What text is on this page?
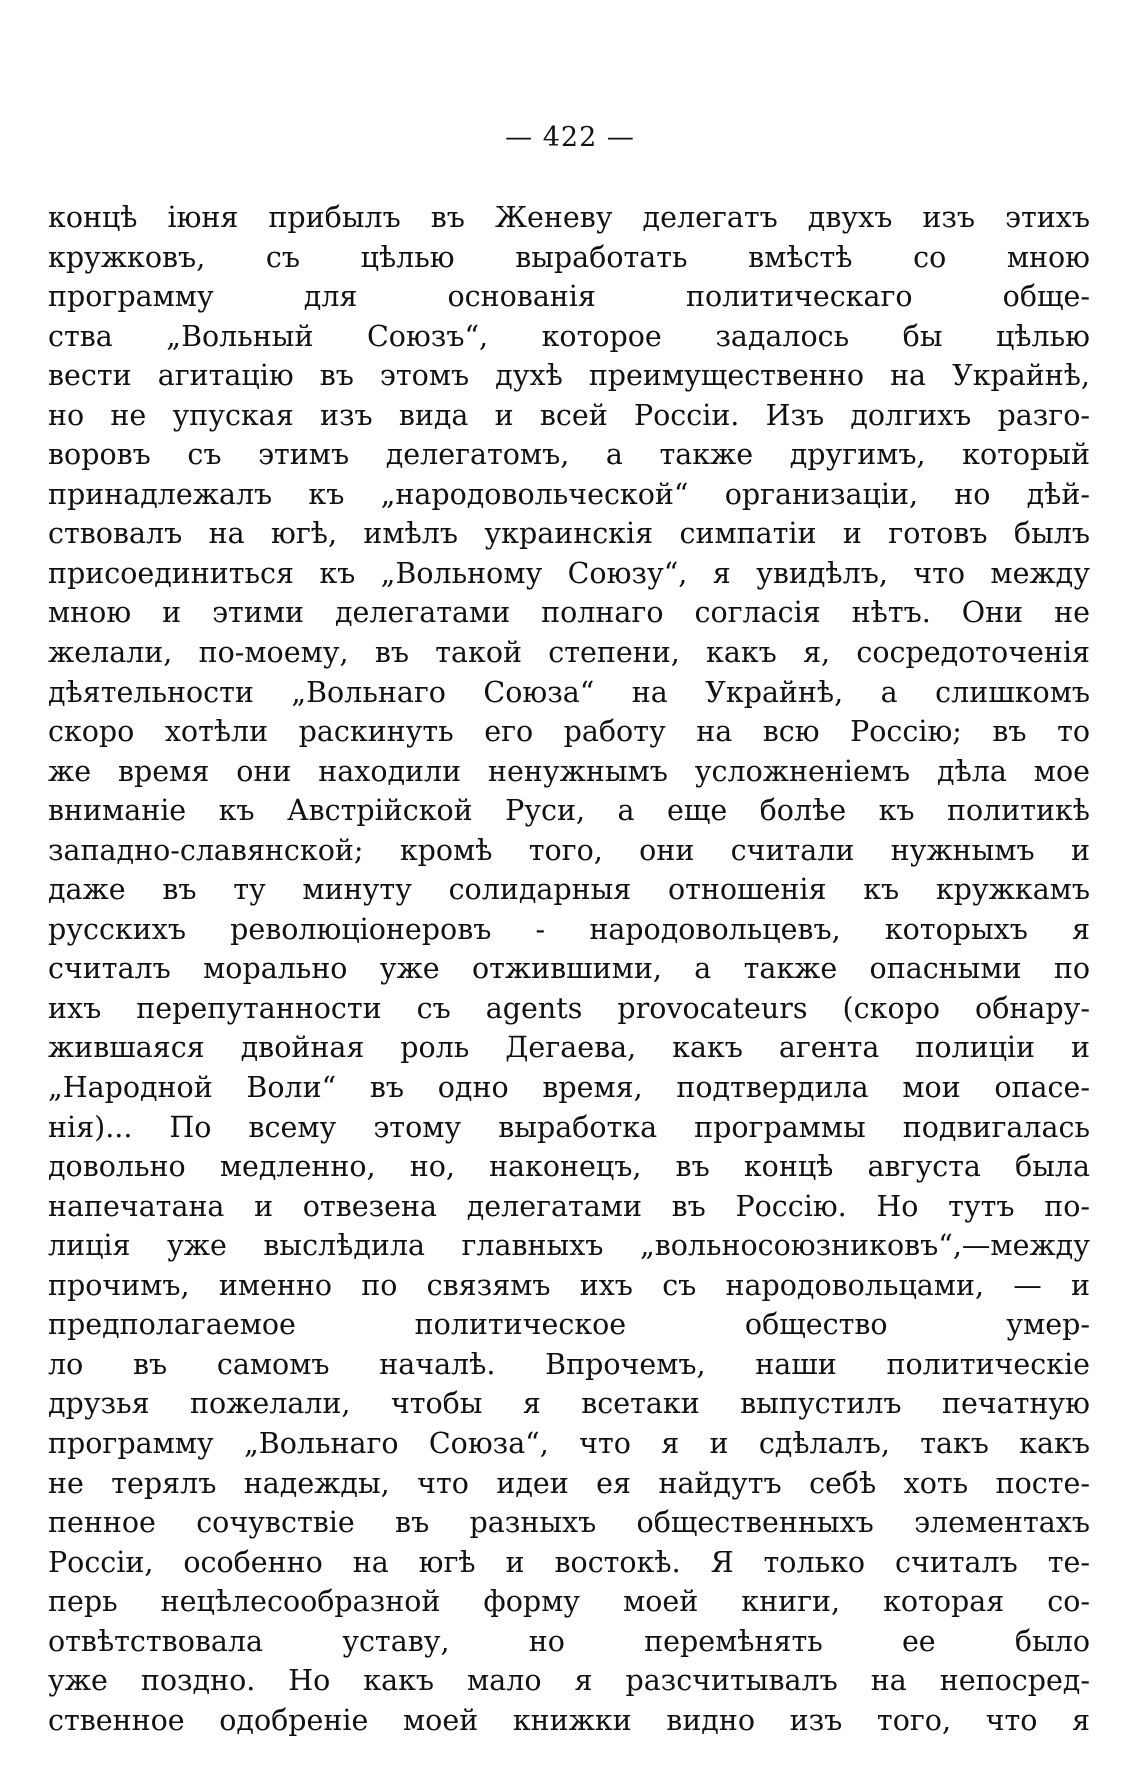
— 422 —
концѣ іюня прибылъ въ Женеву делегатъ двухъ изъ этихъ
кружковъ, съ цѣлью выработать вмѣстѣ со мною
программу для основанія политическаго обще-
ства „Вольный Союзъ“, которое задалось бы цѣлью
вести агитацію въ этомъ духѣ преимущественно на Украйнѣ,
но не упуская изъ вида и всей Россіи. Изъ долгихъ разго-
воровъ съ этимъ делегатомъ, а также другимъ, который
принадлежалъ къ „народовольческой“ организаціи, но дѣй-
ствовалъ на югѣ, имѣлъ украинскія симпатіи и готовъ былъ
присоединиться къ „Вольному Союзу“, я увидѣлъ, что между
мною и этими делегатами полнаго согласія нѣтъ. Они не
желали, по-моему, въ такой степени, какъ я, сосредоточенія
дѣятельности „Вольнаго Союза“ на Украйнѣ, а слишкомъ
скоро хотѣли раскинуть его работу на всю Россію; въ то
же время они находили ненужнымъ усложненіемъ дѣла мое
вниманіе къ Австрійской Руси, а еще болѣе къ политикѣ
западно-славянской; кромѣ того, они считали нужнымъ и
даже въ ту минуту солидарныя отношенія къ кружкамъ
русскихъ революціонеровъ - народовольцевъ, которыхъ я
считалъ морально уже отжившими, а также опасными по
ихъ перепутанности съ agents provocateurs (скоро обнару-
жившаяся двойная роль Дегаева, какъ агента полиціи и
„Народной Воли“ въ одно время, подтвердила мои опасе-
нія)... По всему этому выработка программы подвигалась
довольно медленно, но, наконецъ, въ концѣ августа была
напечатана и отвезена делегатами въ Россію. Но тутъ по-
лиція уже выслѣдила главныхъ „вольносоюзниковъ“,—между
прочимъ, именно по связямъ ихъ съ народовольцами, — и
предполагаемое политическое общество умер-
ло въ самомъ началѣ. Впрочемъ, наши политическіе
друзья пожелали, чтобы я всетаки выпустилъ печатную
программу „Вольнаго Союза“, что я и сдѣлалъ, такъ какъ
не терялъ надежды, что идеи ея найдутъ себѣ хоть посте-
пенное сочувствіе въ разныхъ общественныхъ элементахъ
Россіи, особенно на югѣ и востокѣ. Я только считалъ те-
перь нецѣлесообразной форму моей книги, которая со-
отвѣтствовала уставу, но перемѣнять ее было
уже поздно. Но какъ мало я разсчитывалъ на непосред-
ственное одобреніе моей книжки видно изъ того, что я
